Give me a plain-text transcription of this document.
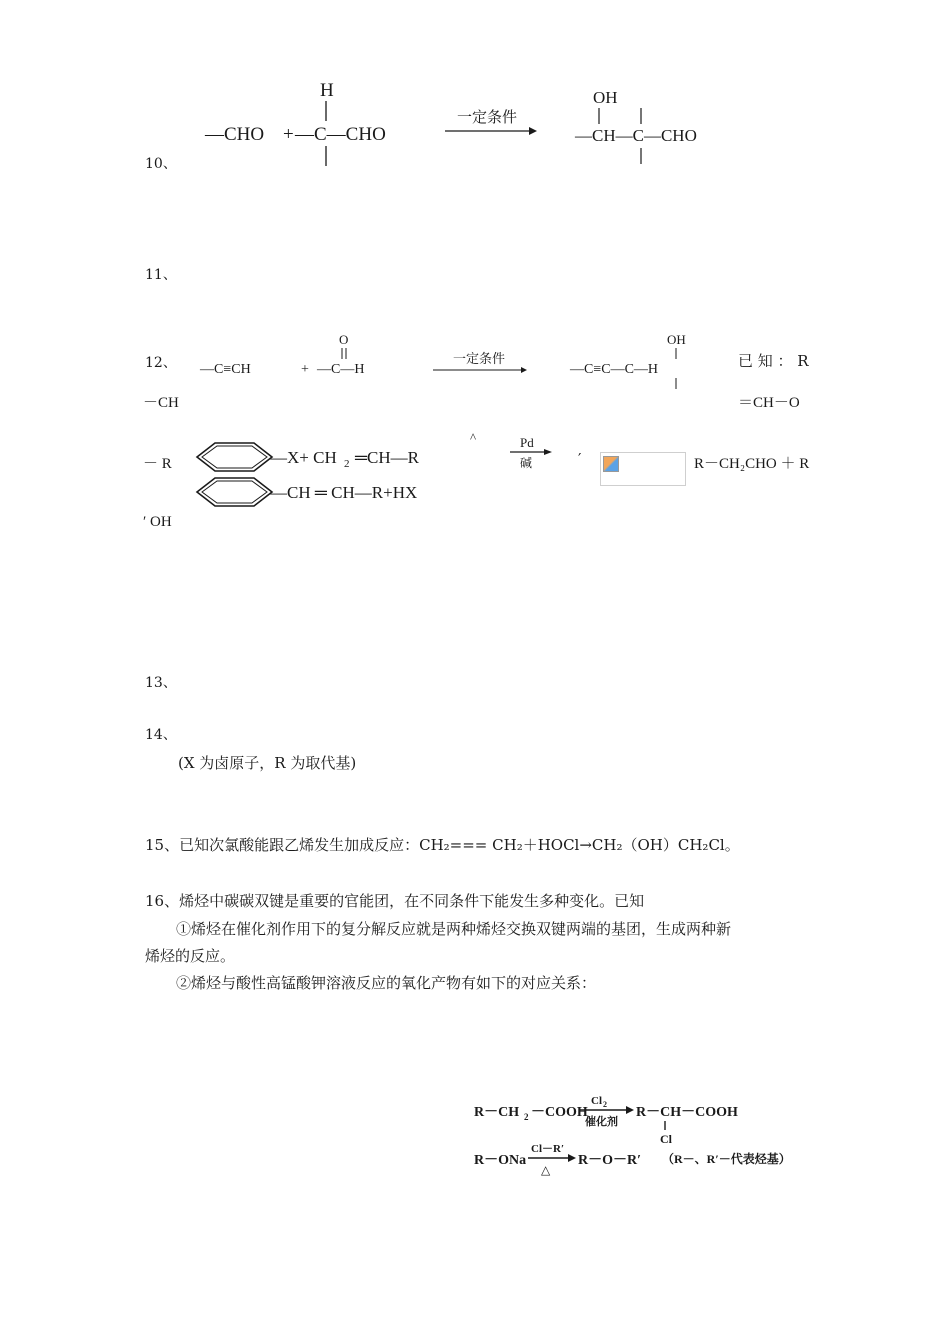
10、
—CHO +
H
—C—CHO
一定条件
OH
—CH—C—CHO
11、
12、 —C≡CH	+
O
—C—H
一定条件
OH
—C≡C—C—H	已 知 ： R
－CH	＝CH－O
－ R	—X+ CH 2 ═CH—R
^	Pd
碱
—CH ═ CH—R+HX
′	R－CH₂CHO ＋ R
′ OH
13、
14、
(X 为卤原子，R 为取代基)
15、已知次氯酸能跟乙烯发生加成反应：CH₂=== CH₂＋HOCl→CH₂（OH）CH₂Cl。
16、烯烃中碳碳双键是重要的官能团，在不同条件下能发生多种变化。已知
①烯烃在催化剂作用下的复分解反应就是两种烯烃交换双键两端的基团，生成两种新
烯烃的反应。
②烯烃与酸性高锰酸钾溶液反应的氧化产物有如下的对应关系：
R－CH 2 －COOH
Cl 2
催化剂
R－CH－COOH
Cl
R－ONa
Cl－R′
△
R－O－R′ （R－、R′－代表烃基）
